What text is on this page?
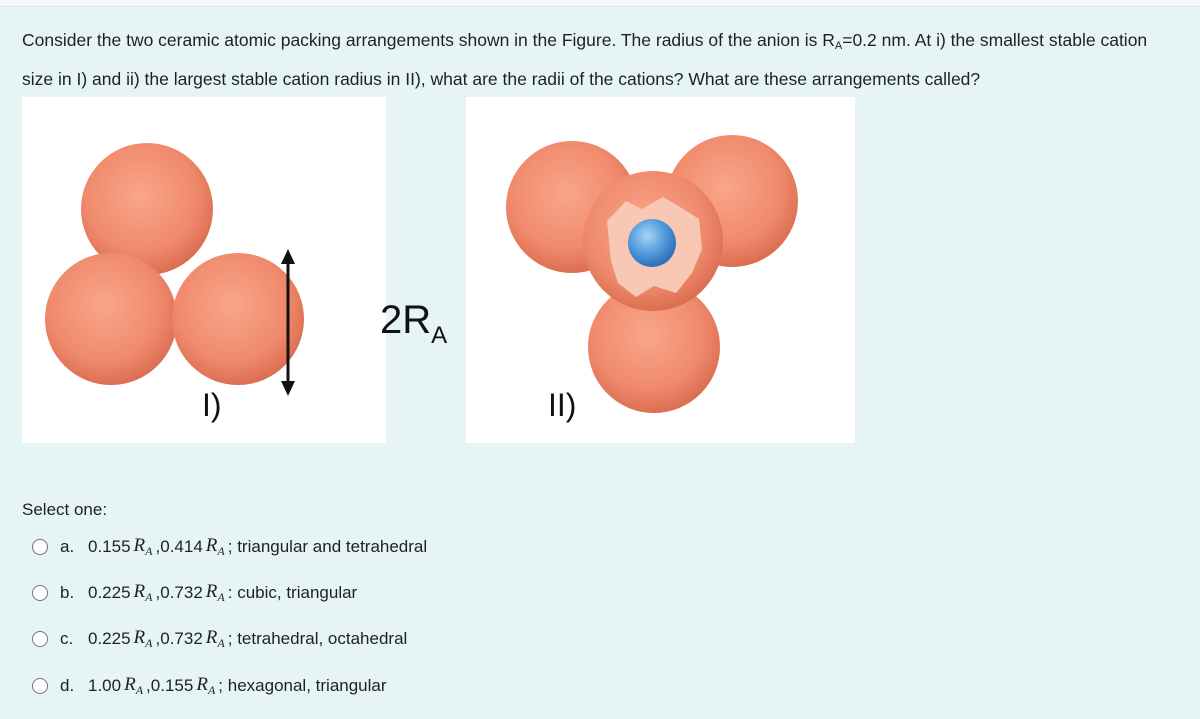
Consider the two ceramic atomic packing arrangements shown in the Figure. The radius of the anion is $R_A=0.2$ nm. At i) the smallest stable cation size in I) and ii) the largest stable cation radius in II), what are the radii of the cations? What are these arrangements called?
I)
$2R_A$
II)
Select one:
a. 0.155 $R_A$ , 0.414 $R_A$ ;
triangular and tetrahedral
b. 0.225 $R_A$ , 0.732 $R_A$ :
cubic, triangular
c. 0.225 $R_A$ , 0.732 $R_A$ ;
tetrahedral, octahedral
d. 1.00 $R_A$ , 0.155 $R_A$ ;
hexagonal, triangular
